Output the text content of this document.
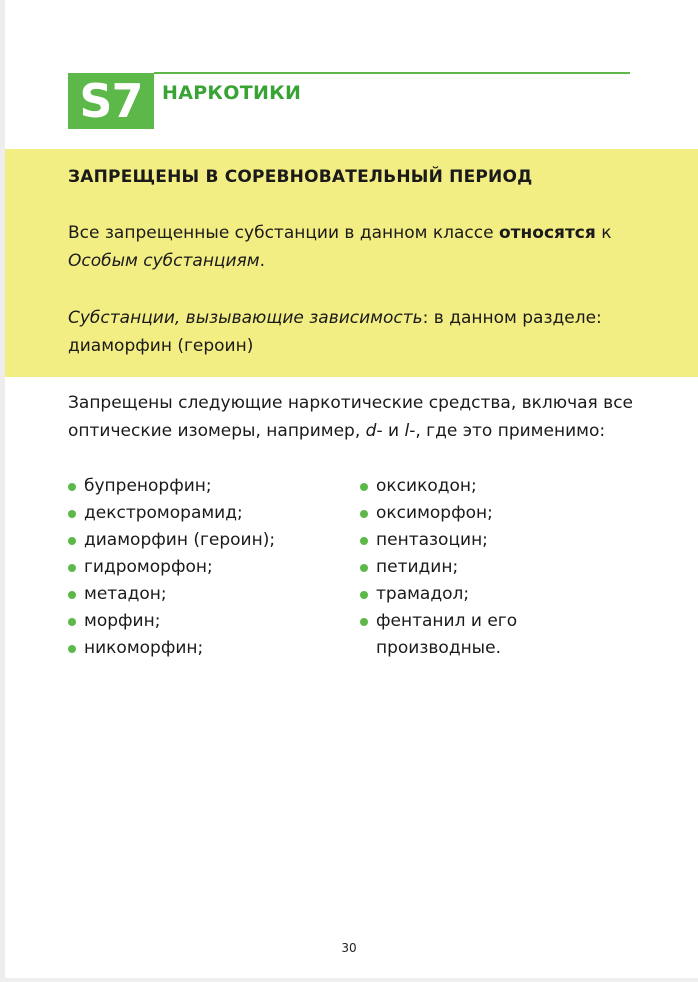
S7	НАРКОТИКИ
ЗАПРЕЩЕНЫ В СОРЕВНОВАТЕЛЬНЫЙ ПЕРИОД
Все запрещенные субстанции в данном классе относятся к Особым субстанциям.
Субстанции, вызывающие зависимость: в данном разделе: диаморфин (героин)
Запрещены следующие наркотические средства, включая все оптические изомеры, например, d- и l-, где это применимо:
бупренорфин;
декстроморамид;
диаморфин (героин);
гидроморфон;
метадон;
морфин;
никоморфин;
оксикодон;
оксиморфон;
пентазоцин;
петидин;
трамадол;
фентанил и его производные.
30
